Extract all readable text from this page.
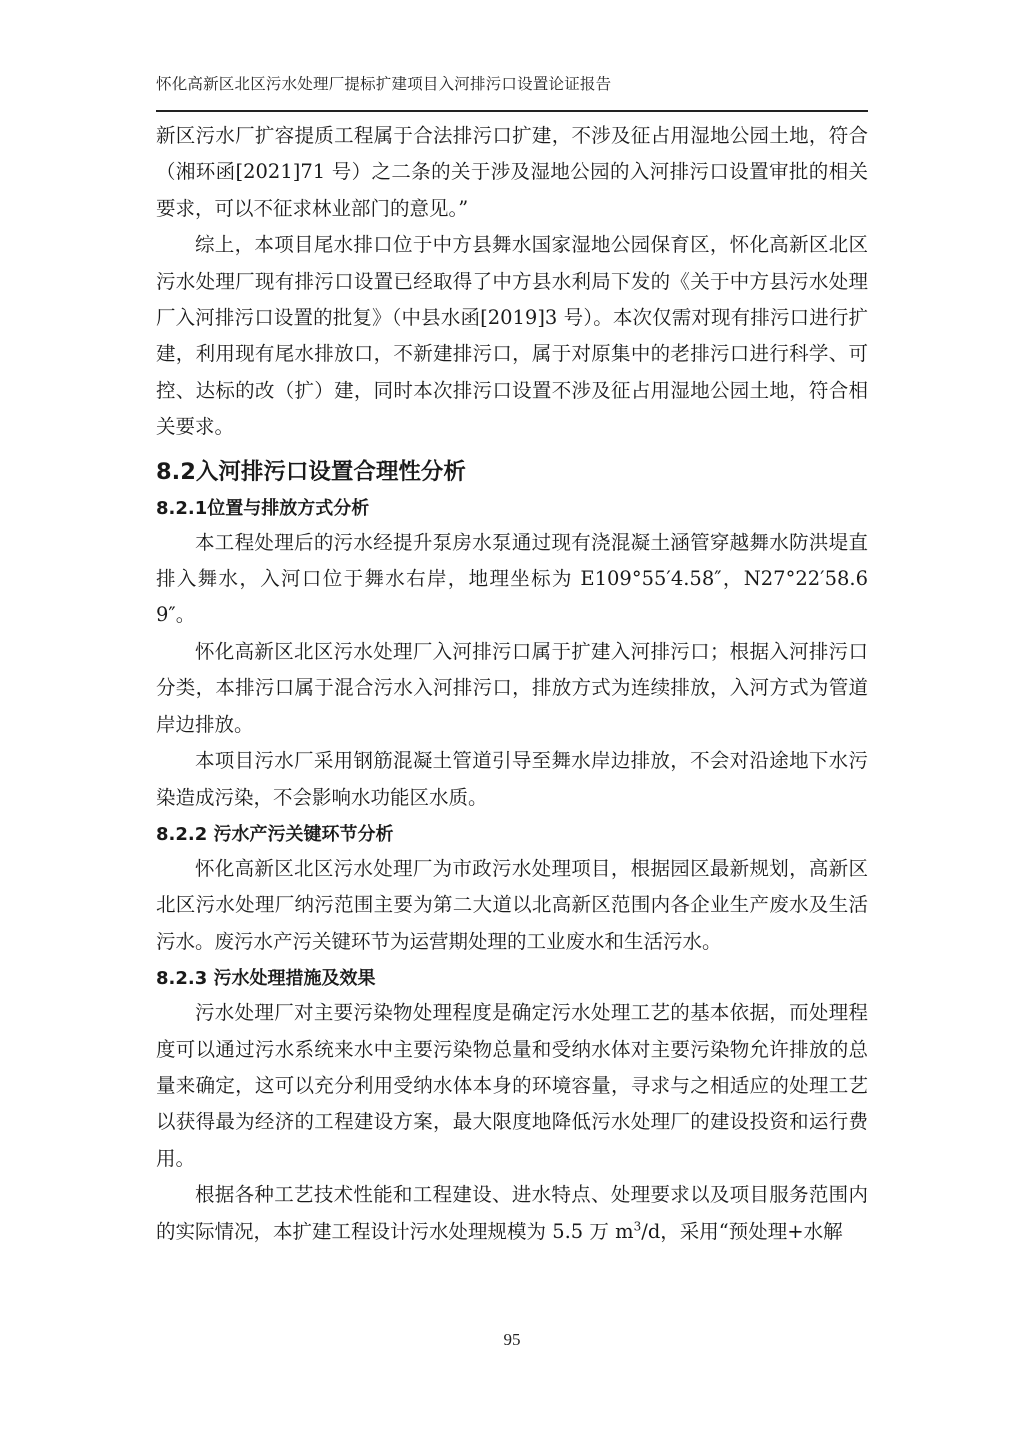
怀化高新区北区污水处理厂提标扩建项目入河排污口设置论证报告

新区污水厂扩容提质工程属于合法排污口扩建，不涉及征占用湿地公园土地，符合（湘环函[2021]71 号）之二条的关于涉及湿地公园的入河排污口设置审批的相关要求，可以不征求林业部门的意见。”

综上，本项目尾水排口位于中方县舞水国家湿地公园保育区，怀化高新区北区污水处理厂现有排污口设置已经取得了中方县水利局下发的《关于中方县污水处理厂入河排污口设置的批复》（中县水函[2019]3 号）。本次仅需对现有排污口进行扩建，利用现有尾水排放口，不新建排污口，属于对原集中的老排污口进行科学、可控、达标的改（扩）建，同时本次排污口设置不涉及征占用湿地公园土地，符合相关要求。

8.2入河排污口设置合理性分析
8.2.1位置与排放方式分析

本工程处理后的污水经提升泵房水泵通过现有浇混凝土涵管穿越舞水防洪堤直排入舞水，入河口位于舞水右岸，地理坐标为 E109°55′4.58″，N27°22′58.69″。

怀化高新区北区污水处理厂入河排污口属于扩建入河排污口；根据入河排污口分类，本排污口属于混合污水入河排污口，排放方式为连续排放，入河方式为管道岸边排放。

本项目污水厂采用钢筋混凝土管道引导至舞水岸边排放，不会对沿途地下水污染造成污染，不会影响水功能区水质。

8.2.2 污水产污关键环节分析

怀化高新区北区污水处理厂为市政污水处理项目，根据园区最新规划，高新区北区污水处理厂纳污范围主要为第二大道以北高新区范围内各企业生产废水及生活污水。废污水产污关键环节为运营期处理的工业废水和生活污水。

8.2.3 污水处理措施及效果

污水处理厂对主要污染物处理程度是确定污水处理工艺的基本依据，而处理程度可以通过污水系统来水中主要污染物总量和受纳水体对主要污染物允许排放的总量来确定，这可以充分利用受纳水体本身的环境容量，寻求与之相适应的处理工艺以获得最为经济的工程建设方案，最大限度地降低污水处理厂的建设投资和运行费用。

根据各种工艺技术性能和工程建设、进水特点、处理要求以及项目服务范围内的实际情况，本扩建工程设计污水处理规模为 5.5 万 $m^3/d$，采用“预处理+水解

95
